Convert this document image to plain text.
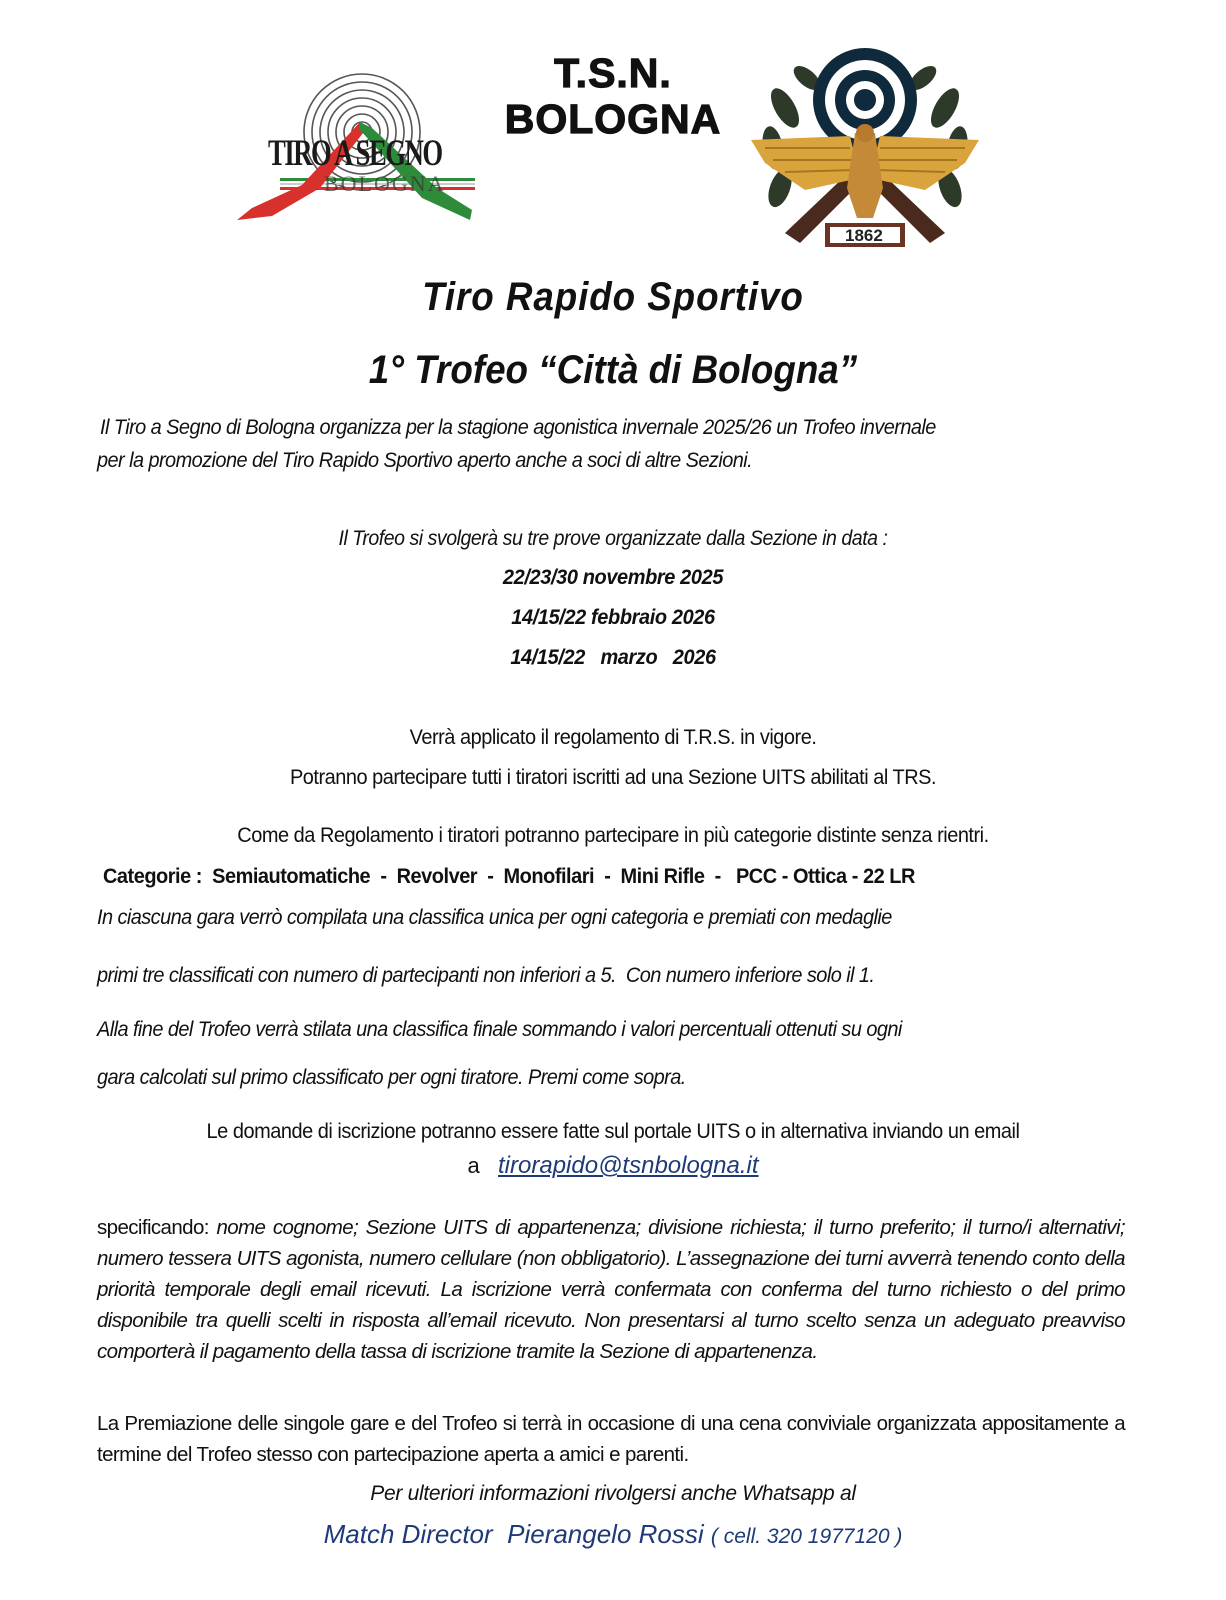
TIRO A SEGNO
BOLOGNA
T.S.N.
BOLOGNA
1862
Tiro Rapido Sportivo
1° Trofeo “Città di Bologna”
Il Tiro a Segno di Bologna organizza per la stagione agonistica invernale 2025/26 un Trofeo invernale
per la promozione del Tiro Rapido Sportivo aperto anche a soci di altre Sezioni.
Il Trofeo si svolgerà su tre prove organizzate dalla Sezione in data :
22/23/30 novembre 2025
14/15/22 febbraio 2026
14/15/22   marzo   2026
Verrà applicato il regolamento di T.R.S. in vigore.
Potranno partecipare tutti i tiratori iscritti ad una Sezione UITS abilitati al TRS.
Come da Regolamento i tiratori potranno partecipare in più categorie distinte senza rientri.
Categorie :  Semiautomatiche  -  Revolver  -  Monofilari  -  Mini Rifle  -   PCC - Ottica - 22 LR
In ciascuna gara verrò compilata una classifica unica per ogni categoria e premiati con medaglie
primi tre classificati con numero di partecipanti non inferiori a 5.  Con numero inferiore solo il 1.
Alla fine del Trofeo verrà stilata una classifica finale sommando i valori percentuali ottenuti su ogni
gara calcolati sul primo classificato per ogni tiratore. Premi come sopra.
Le domande di iscrizione potranno essere fatte sul portale UITS o in alternativa inviando un email
a   tirorapido@tsnbologna.it
specificando: nome cognome; Sezione UITS di appartenenza; divisione richiesta; il turno preferito; il turno/i alternativi; numero tessera UITS agonista, numero cellulare (non obbligatorio). L’assegnazione dei turni avverrà tenendo conto della priorità temporale degli email ricevuti. La iscrizione verrà confermata con conferma del turno richiesto o del primo disponibile tra quelli scelti in risposta all’email ricevuto. Non presentarsi al turno scelto senza un adeguato preavviso comporterà il pagamento della tassa di iscrizione tramite la Sezione di appartenenza.
La Premiazione delle singole gare e del Trofeo si terrà in occasione di una cena conviviale organizzata appositamente a termine del Trofeo stesso con partecipazione aperta a amici e parenti.
Per ulteriori informazioni rivolgersi anche Whatsapp al
Match Director  Pierangelo Rossi ( cell. 320 1977120 )
